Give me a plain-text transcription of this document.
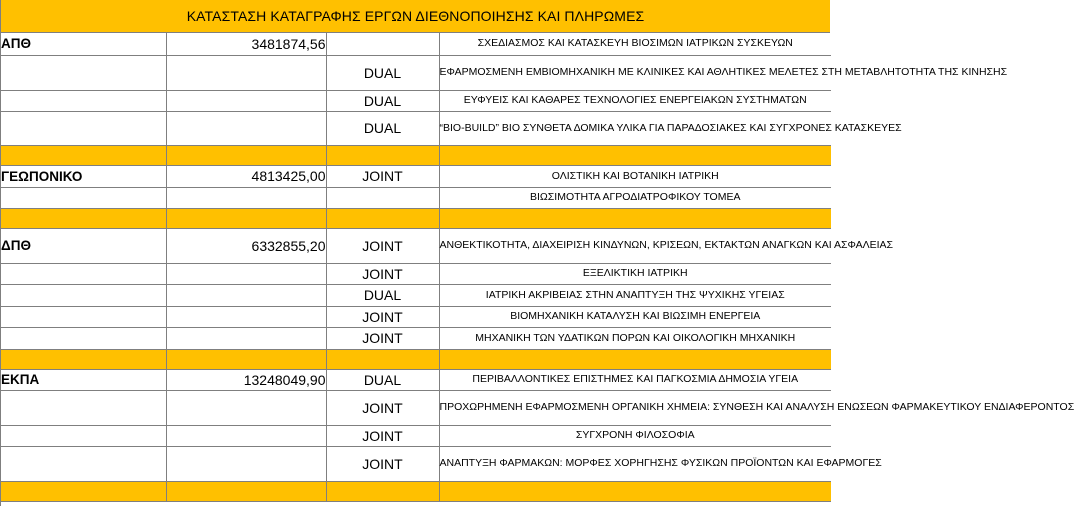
ΚΑΤΑΣΤΑΣΗ ΚΑΤΑΓΡΑΦΗΣ ΕΡΓΩΝ ΔΙΕΘΝΟΠΟΙΗΣΗΣ ΚΑΙ ΠΛΗΡΩΜΕΣ
ΑΠΘ	3481874,56		ΣΧΕΔΙΑΣΜΟΣ ΚΑΙ ΚΑΤΑΣΚΕΥΗ ΒΙΟΣΙΜΩΝ ΙΑΤΡΙΚΩΝ ΣΥΣΚΕΥΩΝ
		DUAL	ΕΦΑΡΜΟΣΜΕΝΗ ΕΜΒΙΟΜΗΧΑΝΙΚΗ ΜΕ ΚΛΙΝΙΚΕΣ ΚΑΙ ΑΘΛΗΤΙΚΕΣ ΜΕΛΕΤΕΣ ΣΤΗ ΜΕΤΑΒΛΗΤΟΤΗΤΑ ΤΗΣ ΚΙΝΗΣΗΣ
		DUAL	ΕΥΦΥΕΙΣ ΚΑΙ ΚΑΘΑΡΕΣ ΤΕΧΝΟΛΟΓΙΕΣ ΕΝΕΡΓΕΙΑΚΩΝ ΣΥΣΤΗΜΑΤΩΝ
		DUAL	“BIO-BUILD” ΒΙΟ ΣΥΝΘΕΤΑ ΔΟΜΙΚΑ ΥΛΙΚΑ ΓΙΑ ΠΑΡΑΔΟΣΙΑΚΕΣ ΚΑΙ ΣΥΓΧΡΟΝΕΣ ΚΑΤΑΣΚΕΥΕΣ

ΓΕΩΠΟΝΙΚΟ	4813425,00	JOINT	ΟΛΙΣΤΙΚΗ ΚΑΙ ΒΟΤΑΝΙΚΗ ΙΑΤΡΙΚΗ
			ΒΙΩΣΙΜΟΤΗΤΑ ΑΓΡΟΔΙΑΤΡΟΦΙΚΟΥ ΤΟΜΕΑ

ΔΠΘ	6332855,20	JOINT	ΑΝΘΕΚΤΙΚΟΤΗΤΑ, ΔΙΑΧΕΙΡΙΣΗ ΚΙΝΔΥΝΩΝ, ΚΡΙΣΕΩΝ, ΕΚΤΑΚΤΩΝ ΑΝΑΓΚΩΝ ΚΑΙ ΑΣΦΑΛΕΙΑΣ
		JOINT	ΕΞΕΛΙΚΤΙΚΗ ΙΑΤΡΙΚΗ
		DUAL	ΙΑΤΡΙΚΗ ΑΚΡΙΒΕΙΑΣ ΣΤΗΝ ΑΝΑΠΤΥΞΗ ΤΗΣ ΨΥΧΙΚΗΣ ΥΓΕΙΑΣ
		JOINT	ΒΙΟΜΗΧΑΝΙΚΗ ΚΑΤΑΛΥΣΗ ΚΑΙ ΒΙΩΣΙΜΗ ΕΝΕΡΓΕΙΑ
		JOINT	ΜΗΧΑΝΙΚΗ ΤΩΝ ΥΔΑΤΙΚΩΝ ΠΟΡΩΝ ΚΑΙ ΟΙΚΟΛΟΓΙΚΗ ΜΗΧΑΝΙΚΗ

ΕΚΠΑ	13248049,90	DUAL	ΠΕΡΙΒΑΛΛΟΝΤΙΚΕΣ ΕΠΙΣΤΗΜΕΣ ΚΑΙ ΠΑΓΚΟΣΜΙΑ ΔΗΜΟΣΙΑ ΥΓΕΙΑ
		JOINT	ΠΡΟΧΩΡΗΜΕΝΗ ΕΦΑΡΜΟΣΜΕΝΗ ΟΡΓΑΝΙΚΗ ΧΗΜΕΙΑ: ΣΥΝΘΕΣΗ ΚΑΙ ΑΝΑΛΥΣΗ ΕΝΩΣΕΩΝ ΦΑΡΜΑΚΕΥΤΙΚΟΥ ΕΝΔΙΑΦΕΡΟΝΤΟΣ
		JOINT	ΣΥΓΧΡΟΝΗ ΦΙΛΟΣΟΦΙΑ
		JOINT	ΑΝΑΠΤΥΞΗ ΦΑΡΜΑΚΩΝ: ΜΟΡΦΕΣ ΧΟΡΗΓΗΣΗΣ ΦΥΣΙΚΩΝ ΠΡΟΪΟΝΤΩΝ ΚΑΙ ΕΦΑΡΜΟΓΕΣ
